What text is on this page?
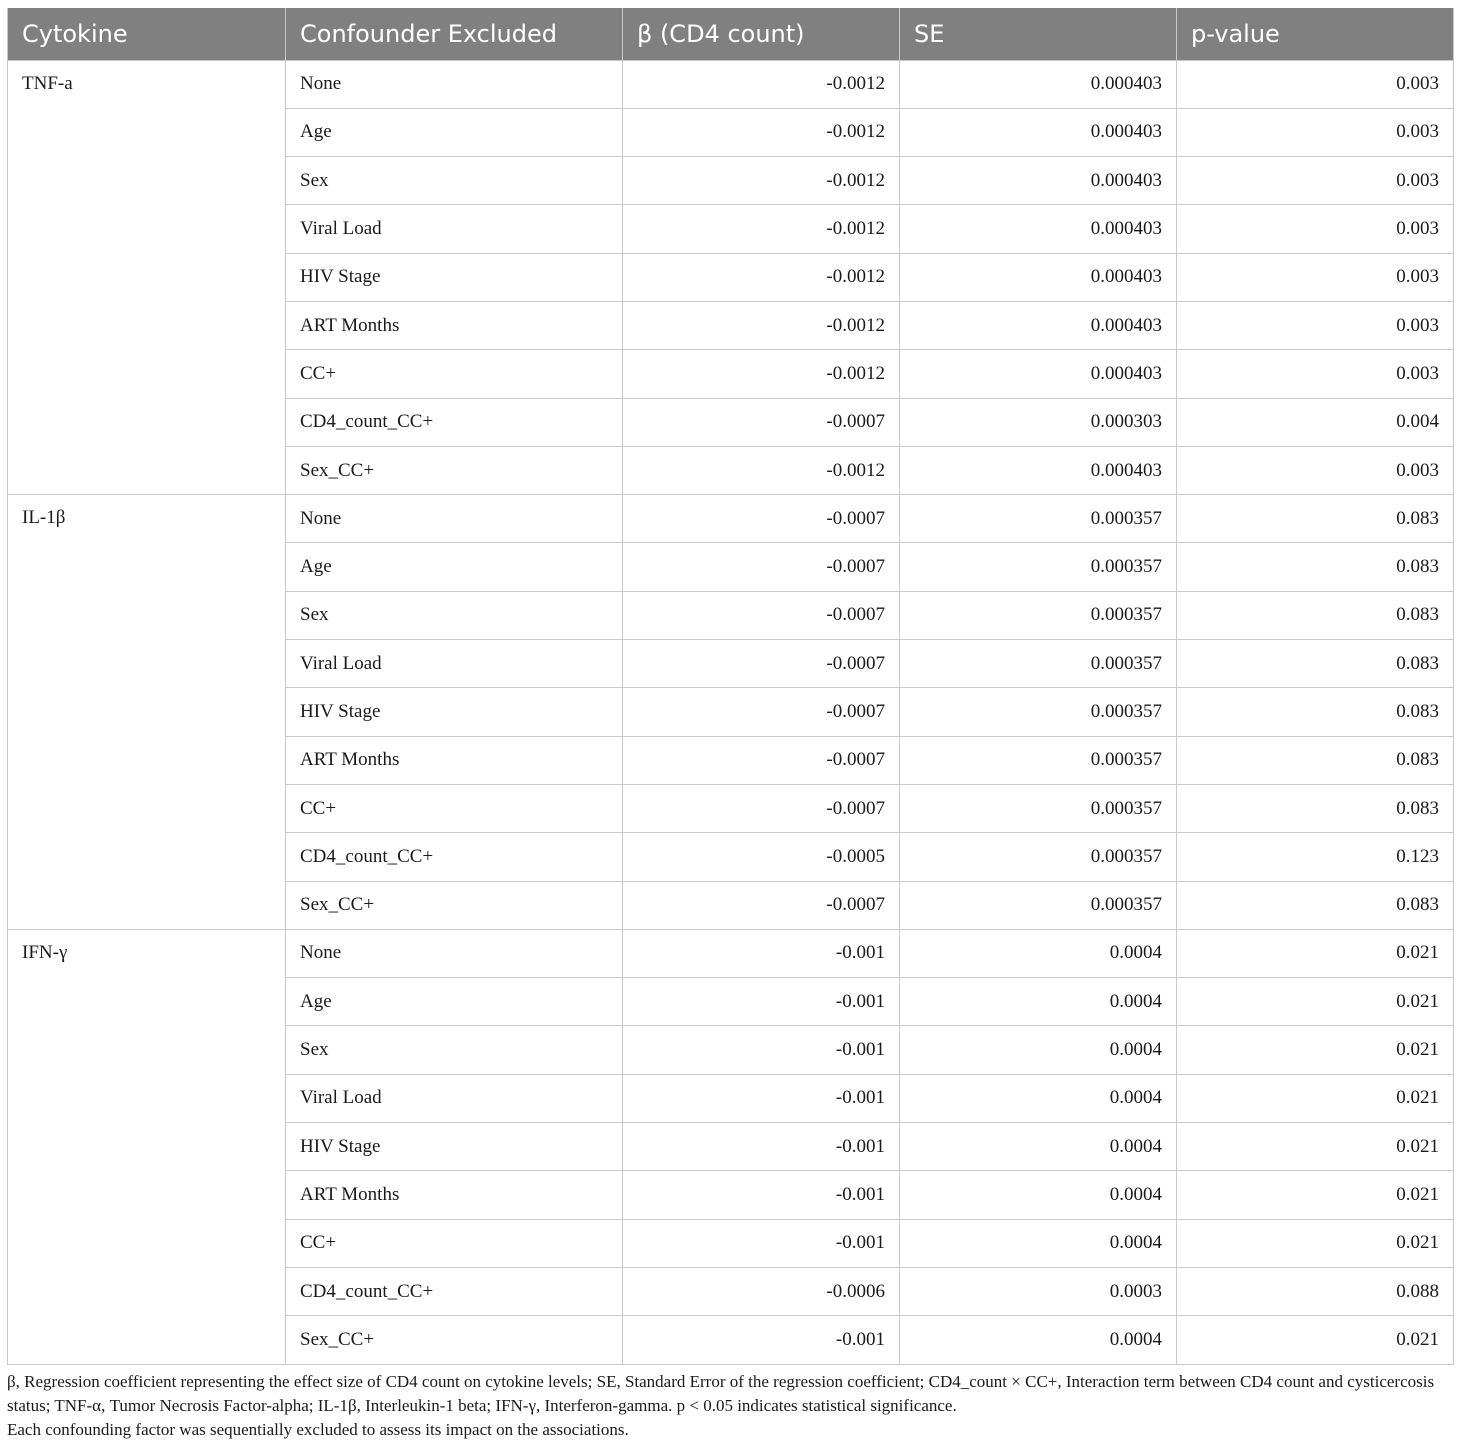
Cytokine	Confounder Excluded	β (CD4 count)	SE	p-value
TNF-a	None	-0.0012	0.000403	0.003
	Age	-0.0012	0.000403	0.003
	Sex	-0.0012	0.000403	0.003
	Viral Load	-0.0012	0.000403	0.003
	HIV Stage	-0.0012	0.000403	0.003
	ART Months	-0.0012	0.000403	0.003
	CC+	-0.0012	0.000403	0.003
	CD4_count_CC+	-0.0007	0.000303	0.004
	Sex_CC+	-0.0012	0.000403	0.003
IL-1β	None	-0.0007	0.000357	0.083
	Age	-0.0007	0.000357	0.083
	Sex	-0.0007	0.000357	0.083
	Viral Load	-0.0007	0.000357	0.083
	HIV Stage	-0.0007	0.000357	0.083
	ART Months	-0.0007	0.000357	0.083
	CC+	-0.0007	0.000357	0.083
	CD4_count_CC+	-0.0005	0.000357	0.123
	Sex_CC+	-0.0007	0.000357	0.083
IFN-γ	None	-0.001	0.0004	0.021
	Age	-0.001	0.0004	0.021
	Sex	-0.001	0.0004	0.021
	Viral Load	-0.001	0.0004	0.021
	HIV Stage	-0.001	0.0004	0.021
	ART Months	-0.001	0.0004	0.021
	CC+	-0.001	0.0004	0.021
	CD4_count_CC+	-0.0006	0.0003	0.088
	Sex_CC+	-0.001	0.0004	0.021

β, Regression coefficient representing the effect size of CD4 count on cytokine levels; SE, Standard Error of the regression coefficient; CD4_count × CC+, Interaction term between CD4 count and cysticercosis status; TNF-α, Tumor Necrosis Factor-alpha; IL-1β, Interleukin-1 beta; IFN-γ, Interferon-gamma. p < 0.05 indicates statistical significance.

Each confounding factor was sequentially excluded to assess its impact on the associations.
